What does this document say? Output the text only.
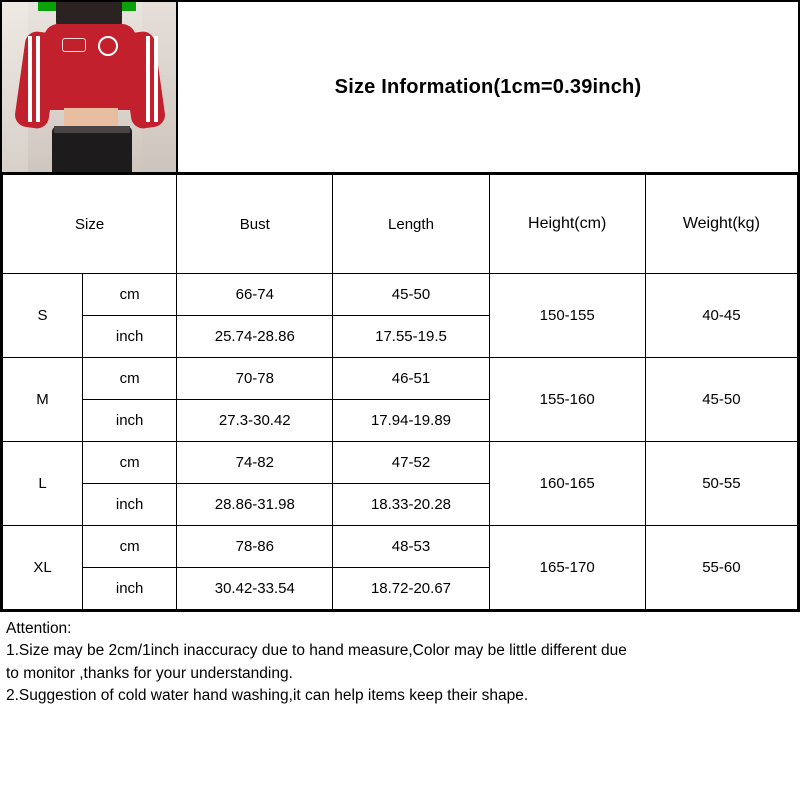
Size Information(1cm=0.39inch)
Size		Bust	Length	Height(cm)	Weight(kg)
S	cm	66-74	45-50	150-155	40-45
	inch	25.74-28.86	17.55-19.5		
M	cm	70-78	46-51	155-160	45-50
	inch	27.3-30.42	17.94-19.89		
L	cm	74-82	47-52	160-165	50-55
	inch	28.86-31.98	18.33-20.28		
XL	cm	78-86	48-53	165-170	55-60
	inch	30.42-33.54	18.72-20.67		
Attention:
1.Size may be 2cm/1inch inaccuracy due to hand measure,Color may be little different due
to monitor ,thanks for your understanding.
2.Suggestion of cold water hand washing,it can help items keep their shape.
